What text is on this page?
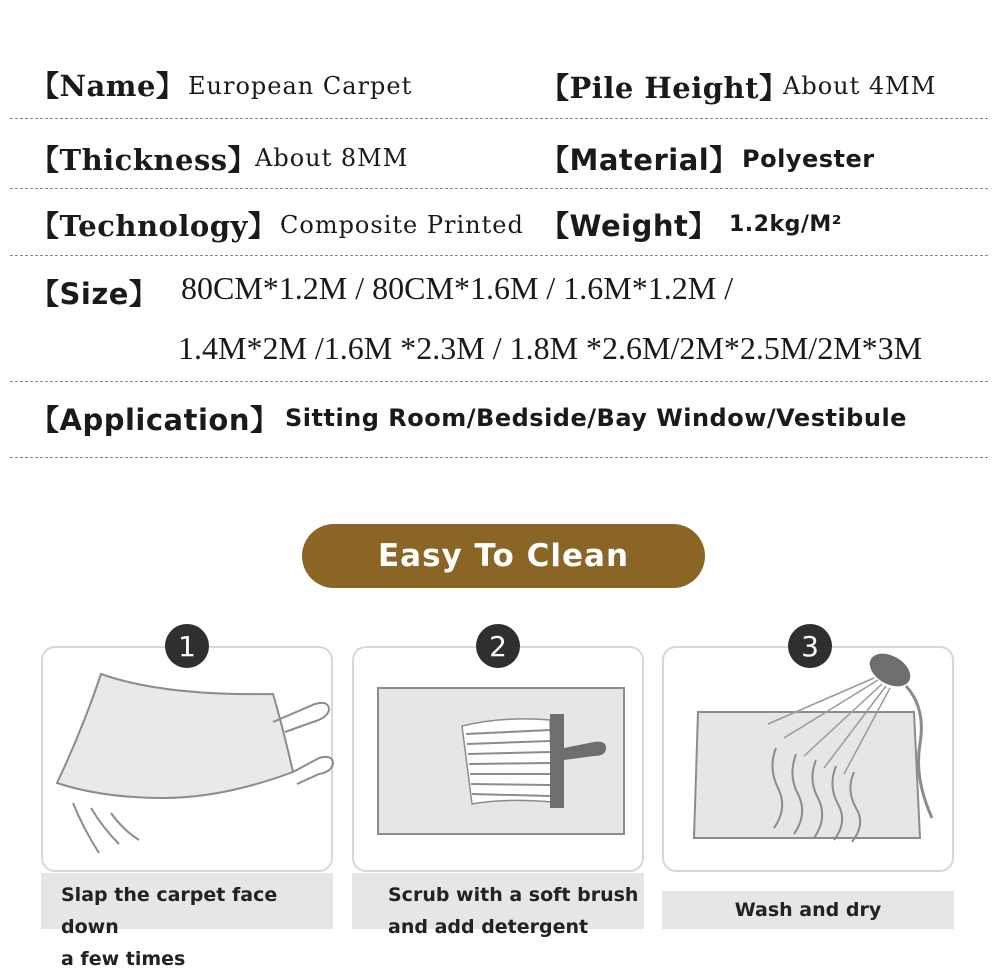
【Name】 European Carpet	【Pile Height】
About 4MM
【Thickness】
About 8MM	【Material】 Polyester
【Technology】 Composite Printed 【Weight】 1.2kg/M²
【Size】 80CM*1.2M / 80CM*1.6M / 1.6M*1.2M /
1.4M*2M /1.6M *2.3M / 1.8M *2.6M/2M*2.5M/2M*3M
【Application】 Sitting Room/Bedside/Bay Window/Vestibule
Easy To Clean
1
Slap the carpet face down
a few times
2
Scrub with a soft brush
and add detergent
3
Wash and dry
